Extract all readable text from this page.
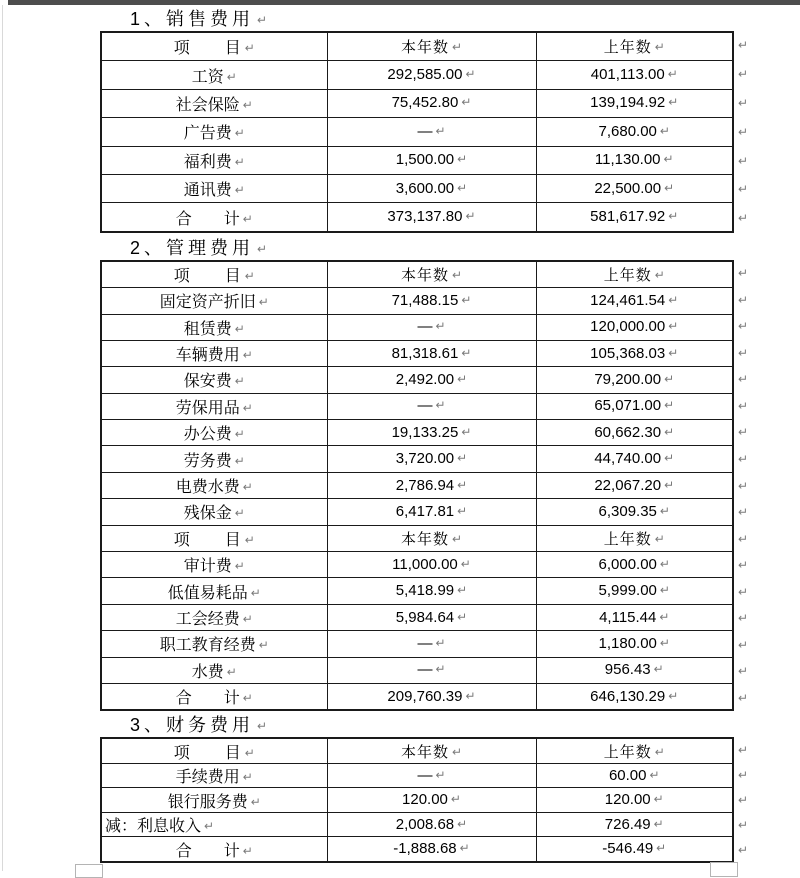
1、销售费用 ↵
项　　目 ↵	本年数 ↵	上年数 ↵
工资 ↵	292,585.00 ↵	401,113.00 ↵
社会保险 ↵	75,452.80 ↵	139,194.92 ↵
广告费 ↵	— ↵	7,680.00 ↵
福利费 ↵	1,500.00 ↵	11,130.00 ↵
通讯费 ↵	3,600.00 ↵	22,500.00 ↵
合　　计 ↵	373,137.80 ↵	581,617.92 ↵
↵
↵
↵
↵
↵
↵
↵
2、管理费用 ↵
项　　目 ↵	本年数 ↵	上年数 ↵
固定资产折旧 ↵	71,488.15 ↵	124,461.54 ↵
租赁费 ↵	— ↵	120,000.00 ↵
车辆费用 ↵	81,318.61 ↵	105,368.03 ↵
保安费 ↵	2,492.00 ↵	79,200.00 ↵
劳保用品 ↵	— ↵	65,071.00 ↵
办公费 ↵	19,133.25 ↵	60,662.30 ↵
劳务费 ↵	3,720.00 ↵	44,740.00 ↵
电费水费 ↵	2,786.94 ↵	22,067.20 ↵
残保金 ↵	6,417.81 ↵	6,309.35 ↵
项　　目 ↵	本年数 ↵	上年数 ↵
审计费 ↵	11,000.00 ↵	6,000.00 ↵
低值易耗品 ↵	5,418.99 ↵	5,999.00 ↵
工会经费 ↵	5,984.64 ↵	4,115.44 ↵
职工教育经费 ↵	— ↵	1,180.00 ↵
水费 ↵	— ↵	956.43 ↵
合　　计 ↵	209,760.39 ↵	646,130.29 ↵
↵
↵
↵
↵
↵
↵
↵
↵
↵
↵
↵
↵
↵
↵
↵
↵
↵
3、财务费用 ↵
项　　目 ↵	本年数 ↵	上年数 ↵
手续费用 ↵	— ↵	60.00 ↵
银行服务费 ↵	120.00 ↵	120.00 ↵
减：利息收入 ↵	2,008.68 ↵	726.49 ↵
合　　计 ↵	-1,888.68 ↵	-546.49 ↵
↵
↵
↵
↵
↵
